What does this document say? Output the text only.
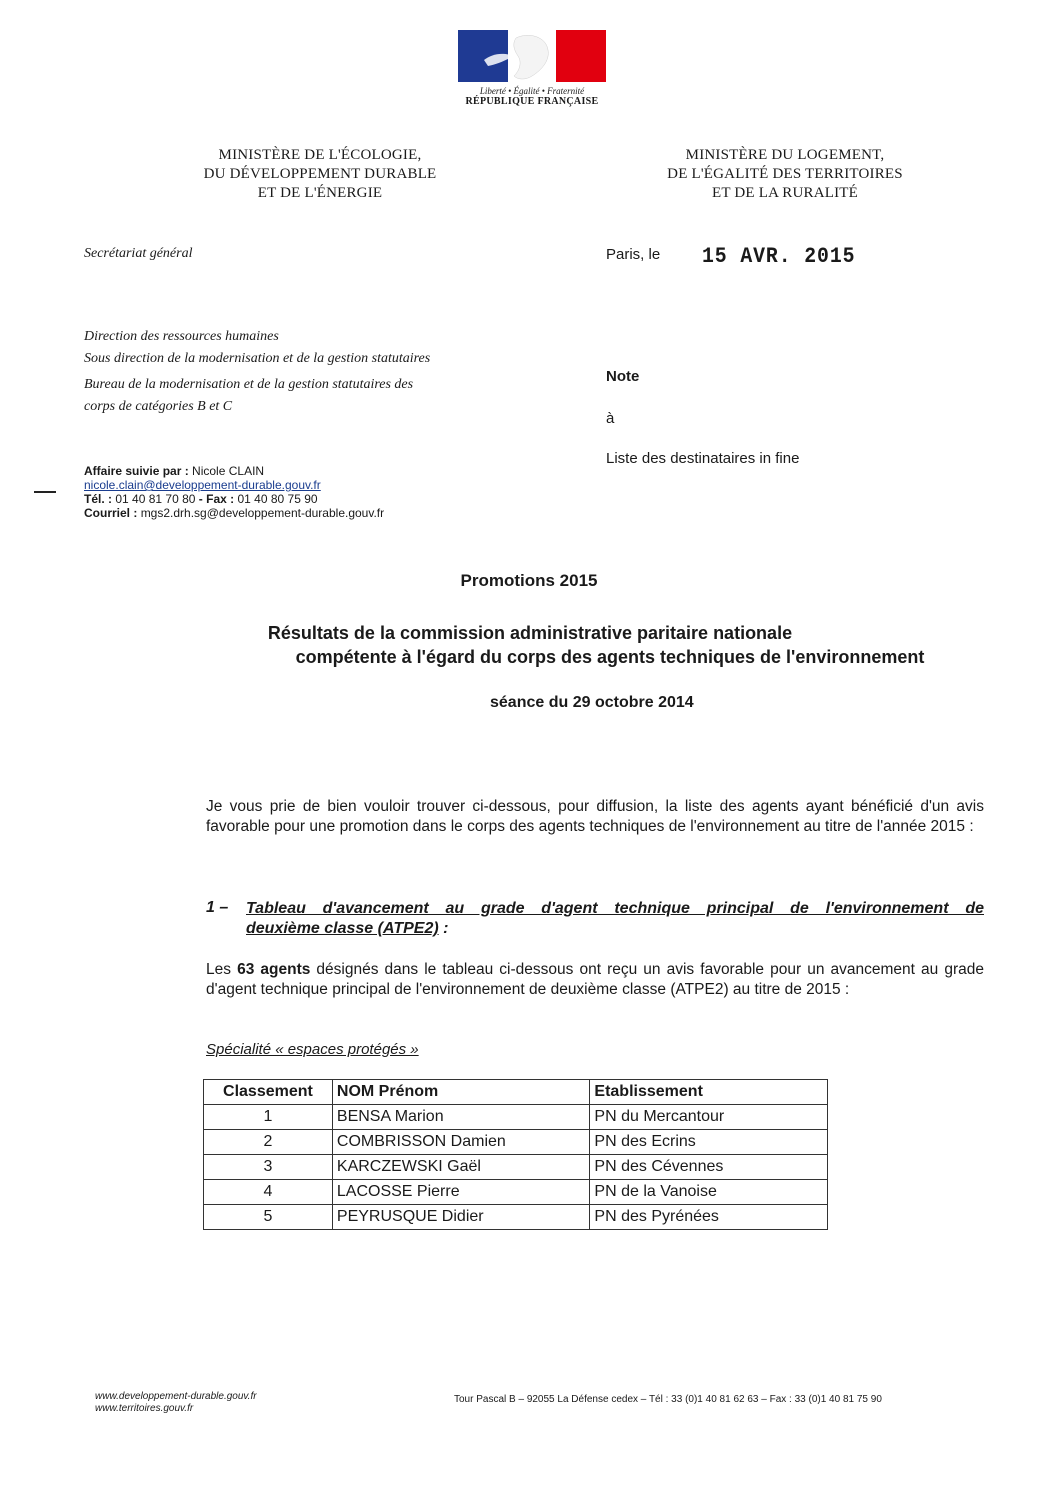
Liberté • Égalité • Fraternité
RÉPUBLIQUE FRANÇAISE
MINISTÈRE DE L'ÉCOLOGIE,
DU DÉVELOPPEMENT DURABLE
ET DE L'ÉNERGIE
MINISTÈRE DU LOGEMENT,
DE L'ÉGALITÉ DES TERRITOIRES
ET DE LA RURALITÉ
Secrétariat général	Paris, le 15 AVR. 2015
Direction des ressources humaines
Sous direction de la modernisation et de la gestion statutaires
Bureau de la modernisation et de la gestion statutaires des
corps de catégories B et C
Note
à
Liste des destinataires in fine
Affaire suivie par : Nicole CLAIN
nicole.clain@developpement-durable.gouv.fr
Tél. : 01 40 81 70 80 - Fax : 01 40 80 75 90
Courriel : mgs2.drh.sg@developpement-durable.gouv.fr
Promotions 2015
Résultats de la commission administrative paritaire nationale
compétente à l'égard du corps des agents techniques de l'environnement
séance du 29 octobre 2014
Je vous prie de bien vouloir trouver ci-dessous, pour diffusion, la liste des agents ayant bénéficié d'un avis favorable pour une promotion dans le corps des agents techniques de l'environnement au titre de l'année 2015 :
1 – Tableau d'avancement au grade d'agent technique principal de l'environnement de
deuxième classe (ATPE2) :
Les 63 agents désignés dans le tableau ci-dessous ont reçu un avis favorable pour un avancement au grade d'agent technique principal de l'environnement de deuxième classe (ATPE2) au titre de 2015 :
Spécialité « espaces protégés »
Classement	NOM Prénom	Etablissement
1	BENSA Marion	PN du Mercantour
2	COMBRISSON Damien	PN des Ecrins
3	KARCZEWSKI Gaël	PN des Cévennes
4	LACOSSE Pierre	PN de la Vanoise
5	PEYRUSQUE Didier	PN des Pyrénées
www.developpement-durable.gouv.fr
www.territoires.gouv.fr
Tour Pascal B – 92055 La Défense cedex – Tél : 33 (0)1 40 81 62 63 – Fax : 33 (0)1 40 81 75 90
